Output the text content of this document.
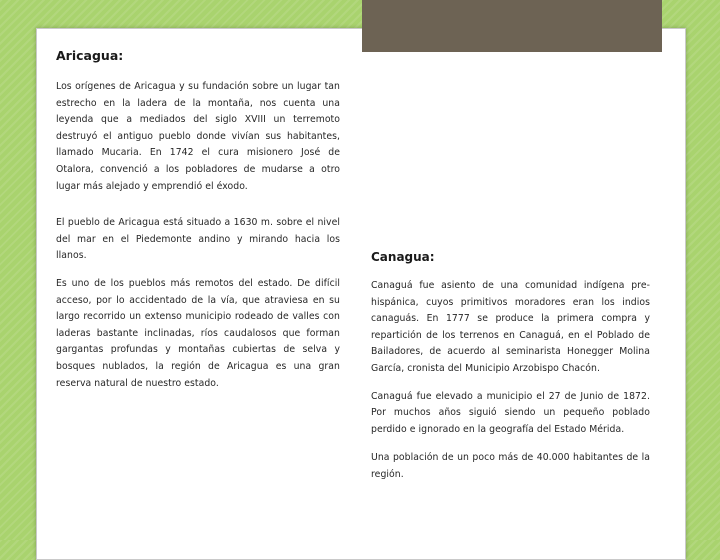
Aricagua:

Los orígenes de Aricagua y su fundación sobre un lugar tan estrecho en la ladera de la montaña, nos cuenta una leyenda que a mediados del siglo XVIII un terremoto destruyó el antiguo pueblo donde vivían sus habitantes, llamado Mucaria. En 1742 el cura misionero José de Otalora, convenció a los pobladores de mudarse a otro lugar más alejado y emprendió el éxodo.

El pueblo de Aricagua está situado a 1630 m. sobre el nivel del mar en el Piedemonte andino y mirando hacia los llanos.

Es uno de los pueblos más remotos del estado. De difícil acceso, por lo accidentado de la vía, que atraviesa en su largo recorrido un extenso municipio rodeado de valles con laderas bastante inclinadas, ríos caudalosos que forman gargantas profundas y montañas cubiertas de selva y bosques nublados, la región de Aricagua es una gran reserva natural de nuestro estado.

Canagua:

Canaguá fue asiento de una comunidad indígena pre-hispánica, cuyos primitivos moradores eran los indios canaguás. En 1777 se produce la primera compra y repartición de los terrenos en Canaguá, en el Poblado de Bailadores, de acuerdo al seminarista Honegger Molina García, cronista del Municipio Arzobispo Chacón.

Canaguá fue elevado a municipio el 27 de Junio de 1872. Por muchos años siguió siendo un pequeño poblado perdido e ignorado en la geografía del Estado Mérida.

Una población de un poco más de 40.000 habitantes de la región.
